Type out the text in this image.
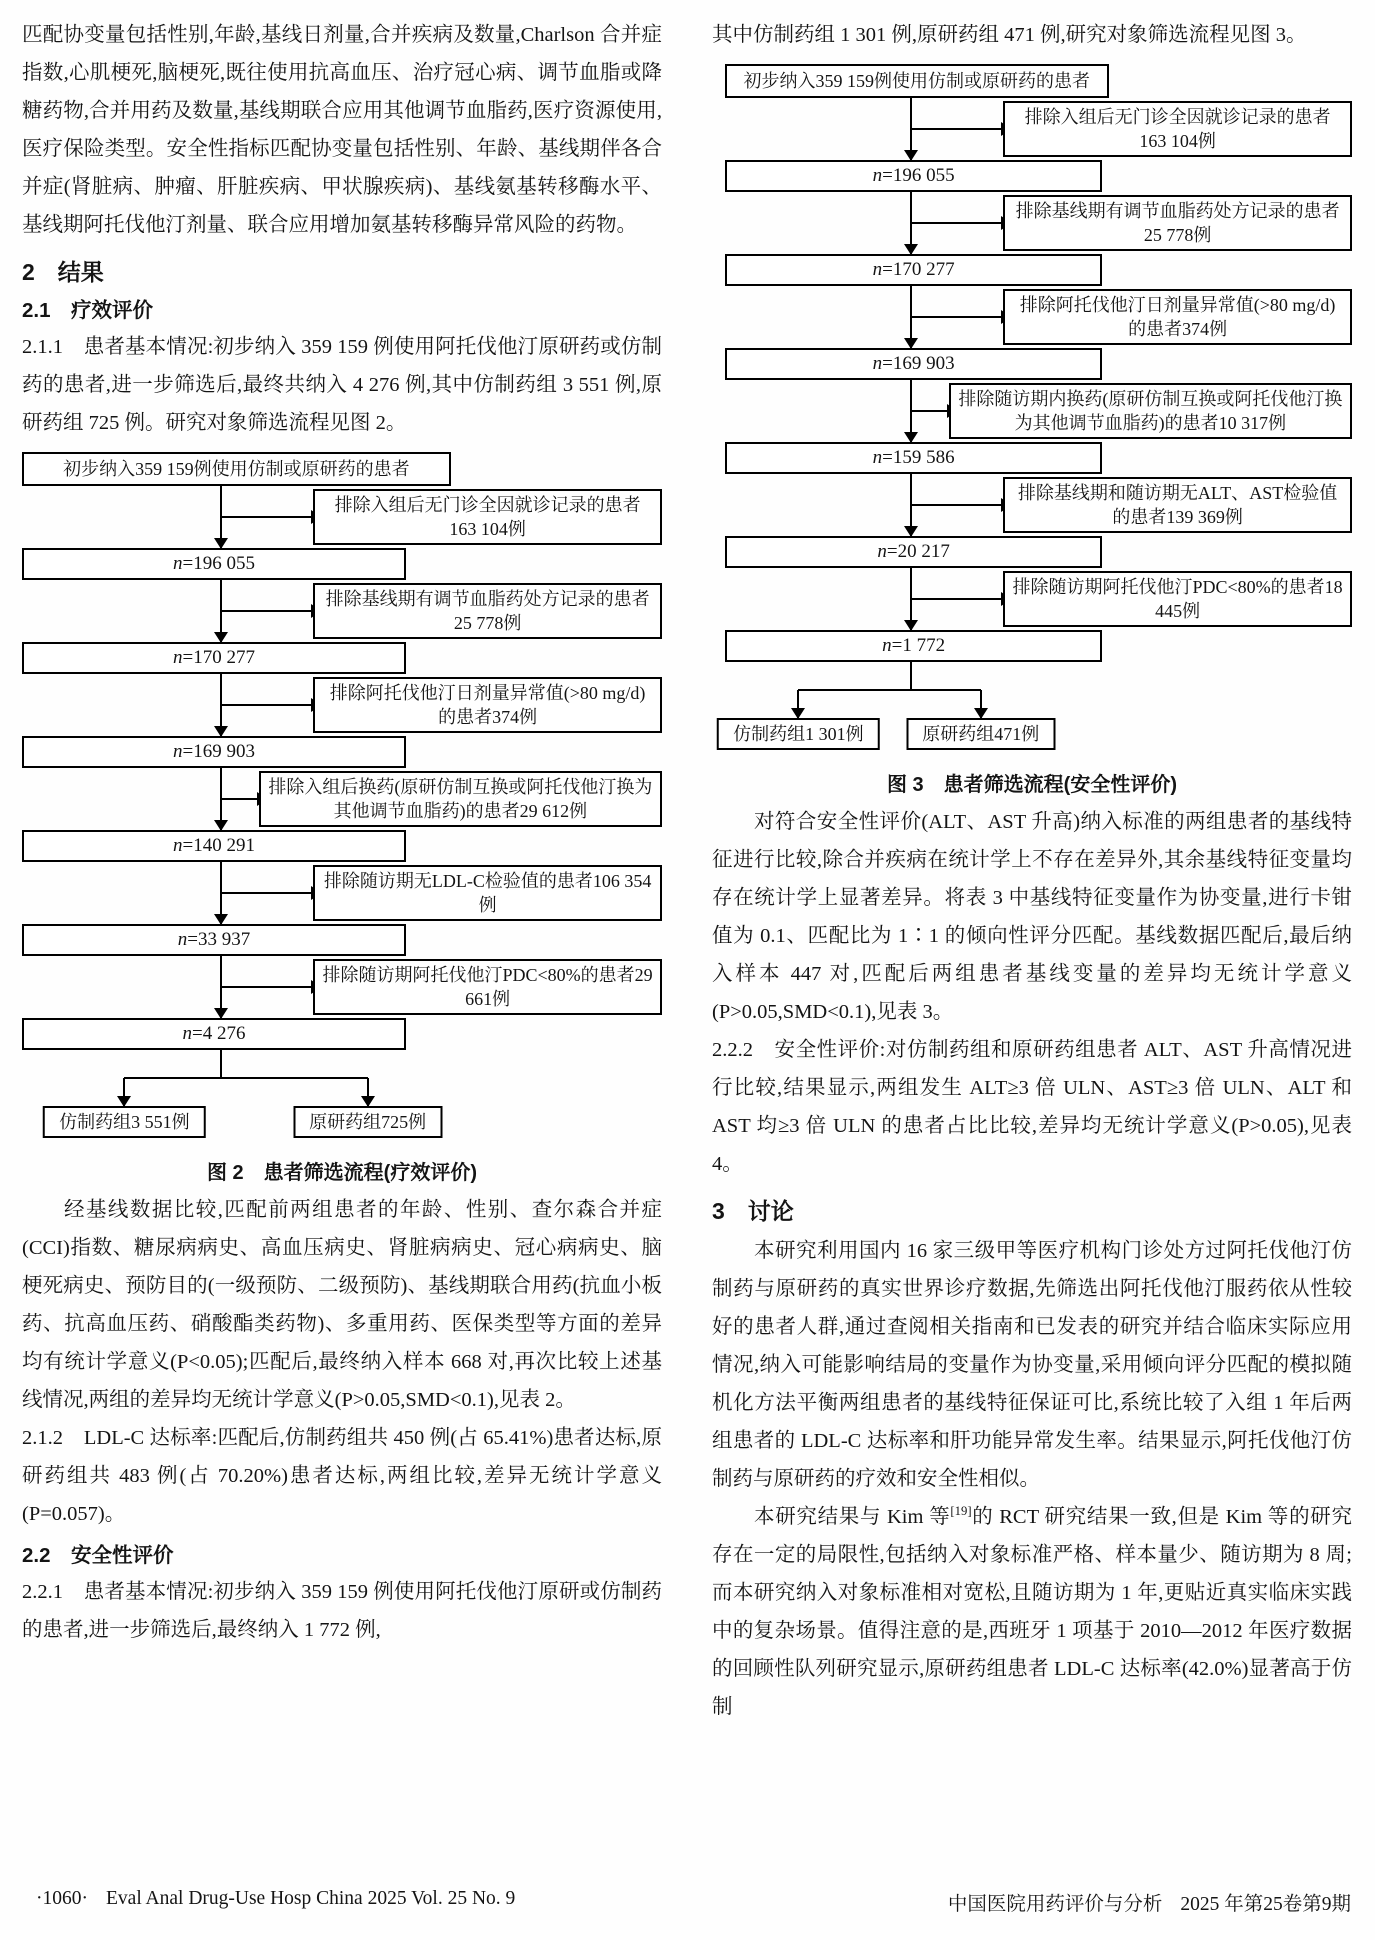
匹配协变量包括性别,年龄,基线日剂量,合并疾病及数量,Charlson 合并症指数,心肌梗死,脑梗死,既往使用抗高血压、治疗冠心病、调节血脂或降糖药物,合并用药及数量,基线期联合应用其他调节血脂药,医疗资源使用,医疗保险类型。安全性指标匹配协变量包括性别、年龄、基线期伴各合并症(肾脏病、肿瘤、肝脏疾病、甲状腺疾病)、基线氨基转移酶水平、基线期阿托伐他汀剂量、联合应用增加氨基转移酶异常风险的药物。

2　结果
2.1　疗效评价

2.1.1　患者基本情况:初步纳入 359 159 例使用阿托伐他汀原研药或仿制药的患者,进一步筛选后,最终共纳入 4 276 例,其中仿制药组 3 551 例,原研药组 725 例。研究对象筛选流程见图 2。

初步纳入359 159例使用仿制或原研药的患者
排除入组后无门诊全因就诊记录的患者163 104例
n=196 055
排除基线期有调节血脂药处方记录的患者25 778例
n=170 277
排除阿托伐他汀日剂量异常值(>80 mg/d)的患者374例
n=169 903
排除入组后换药(原研仿制互换或阿托伐他汀换为其他调节血脂药)的患者29 612例
n=140 291
排除随访期无LDL-C检验值的患者106 354例
n=33 937
排除随访期阿托伐他汀PDC<80%的患者29 661例
n=4 276
仿制药组3 551例	原研药组725例
图 2　患者筛选流程(疗效评价)

经基线数据比较,匹配前两组患者的年龄、性别、查尔森合并症(CCI)指数、糖尿病病史、高血压病史、肾脏病病史、冠心病病史、脑梗死病史、预防目的(一级预防、二级预防)、基线期联合用药(抗血小板药、抗高血压药、硝酸酯类药物)、多重用药、医保类型等方面的差异均有统计学意义(P<0.05);匹配后,最终纳入样本 668 对,再次比较上述基线情况,两组的差异均无统计学意义(P>0.05,SMD<0.1),见表 2。

2.1.2　LDL-C 达标率:匹配后,仿制药组共 450 例(占 65.41%)患者达标,原研药组共 483 例(占 70.20%)患者达标,两组比较,差异无统计学意义(P=0.057)。

2.2　安全性评价

2.2.1　患者基本情况:初步纳入 359 159 例使用阿托伐他汀原研或仿制药的患者,进一步筛选后,最终纳入 1 772 例,

其中仿制药组 1 301 例,原研药组 471 例,研究对象筛选流程见图 3。

初步纳入359 159例使用仿制或原研药的患者
排除入组后无门诊全因就诊记录的患者163 104例
n=196 055
排除基线期有调节血脂药处方记录的患者25 778例
n=170 277
排除阿托伐他汀日剂量异常值(>80 mg/d)的患者374例
n=169 903
排除随访期内换药(原研仿制互换或阿托伐他汀换为其他调节血脂药)的患者10 317例
n=159 586
排除基线期和随访期无ALT、AST检验值的患者139 369例
n=20 217
排除随访期阿托伐他汀PDC<80%的患者18 445例
n=1 772
仿制药组1 301例	原研药组471例
图 3　患者筛选流程(安全性评价)

对符合安全性评价(ALT、AST 升高)纳入标准的两组患者的基线特征进行比较,除合并疾病在统计学上不存在差异外,其余基线特征变量均存在统计学上显著差异。将表 3 中基线特征变量作为协变量,进行卡钳值为 0.1、匹配比为 1∶1 的倾向性评分匹配。基线数据匹配后,最后纳入样本 447 对,匹配后两组患者基线变量的差异均无统计学意义(P>0.05,SMD<0.1),见表 3。

2.2.2　安全性评价:对仿制药组和原研药组患者 ALT、AST 升高情况进行比较,结果显示,两组发生 ALT≥3 倍 ULN、AST≥3 倍 ULN、ALT 和 AST 均≥3 倍 ULN 的患者占比比较,差异均无统计学意义(P>0.05),见表 4。

3　讨论

本研究利用国内 16 家三级甲等医疗机构门诊处方过阿托伐他汀仿制药与原研药的真实世界诊疗数据,先筛选出阿托伐他汀服药依从性较好的患者人群,通过查阅相关指南和已发表的研究并结合临床实际应用情况,纳入可能影响结局的变量作为协变量,采用倾向评分匹配的模拟随机化方法平衡两组患者的基线特征保证可比,系统比较了入组 1 年后两组患者的 LDL-C 达标率和肝功能异常发生率。结果显示,阿托伐他汀仿制药与原研药的疗效和安全性相似。

本研究结果与 Kim 等[19]的 RCT 研究结果一致,但是 Kim 等的研究存在一定的局限性,包括纳入对象标准严格、样本量少、随访期为 8 周;而本研究纳入对象标准相对宽松,且随访期为 1 年,更贴近真实临床实践中的复杂场景。值得注意的是,西班牙 1 项基于 2010—2012 年医疗数据的回顾性队列研究显示,原研药组患者 LDL-C 达标率(42.0%)显著高于仿制

·1060· Eval Anal Drug-Use Hosp China 2025 Vol. 25 No. 9	中国医院用药评价与分析 2025 年第25卷第9期
